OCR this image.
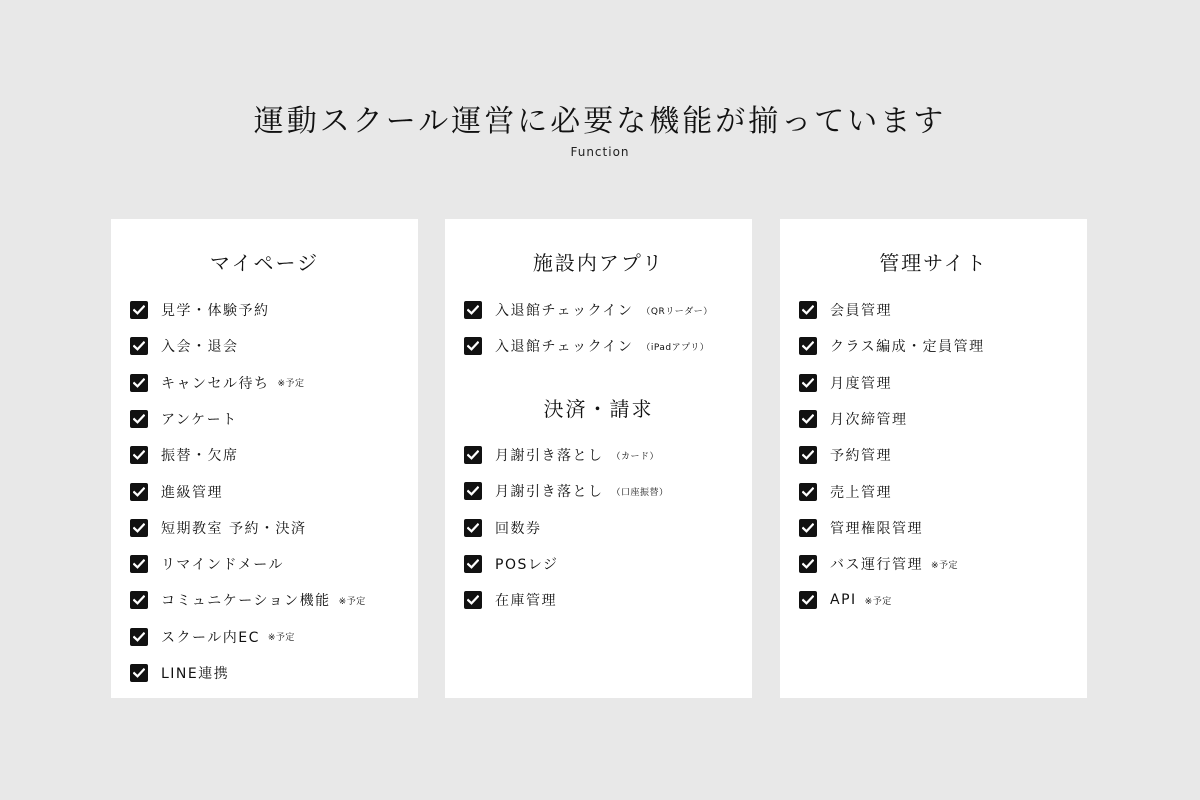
運動スクール運営に必要な機能が揃っています
Function
マイページ
見学・体験予約
入会・退会
キャンセル待ち ※予定
アンケート
振替・欠席
進級管理
短期教室 予約・決済
リマインドメール
コミュニケーション機能 ※予定
スクール内EC ※予定
LINE連携
施設内アプリ
決済・請求
入退館チェックイン （QRリーダー）
入退館チェックイン （iPadアプリ）
月謝引き落とし （カード）
月謝引き落とし （口座振替）
回数券
POSレジ
在庫管理
管理サイト
会員管理
クラス編成・定員管理
月度管理
月次締管理
予約管理
売上管理
管理権限管理
バス運行管理 ※予定
API ※予定
